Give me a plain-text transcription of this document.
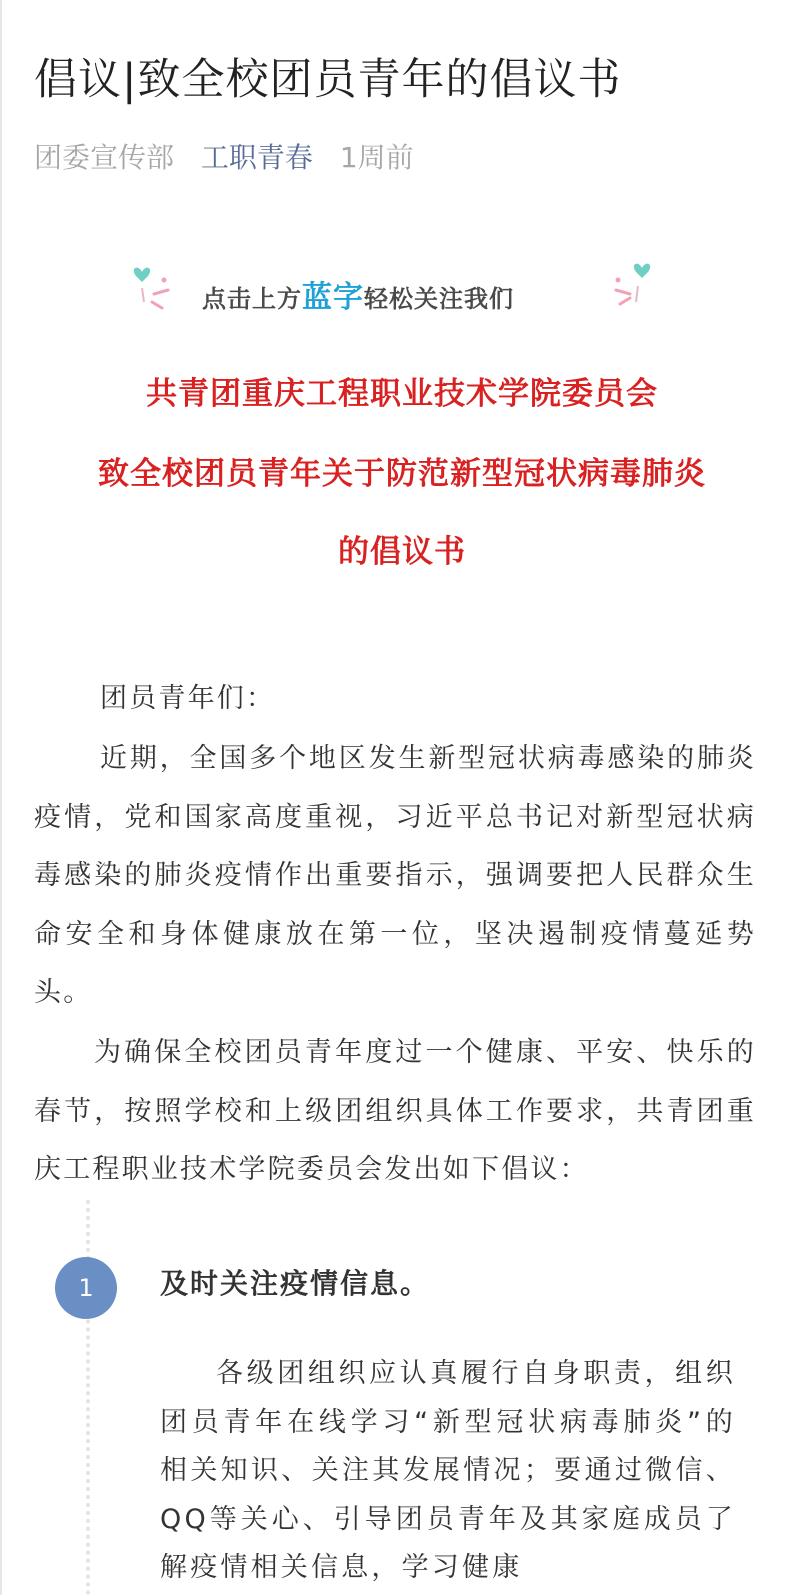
倡议|致全校团员青年的倡议书
团委宣传部 工职青春 1周前
点击上方蓝字轻松关注我们
共青团重庆工程职业技术学院委员会
致全校团员青年关于防范新型冠状病毒肺炎
的倡议书
团员青年们：
近期，全国多个地区发生新型冠状病毒感染的肺炎疫情，党和国家高度重视，习近平总书记对新型冠状病毒感染的肺炎疫情作出重要指示，强调要把人民群众生命安全和身体健康放在第一位，坚决遏制疫情蔓延势头。
为确保全校团员青年度过一个健康、平安、快乐的春节，按照学校和上级团组织具体工作要求，共青团重庆工程职业技术学院委员会发出如下倡议：
1	及时关注疫情信息。
各级团组织应认真履行自身职责，组织团员青年在线学习“新型冠状病毒肺炎”的相关知识、关注其发展情况；要通过微信、QQ等关心、引导团员青年及其家庭成员了解疫情相关信息，学习健康
